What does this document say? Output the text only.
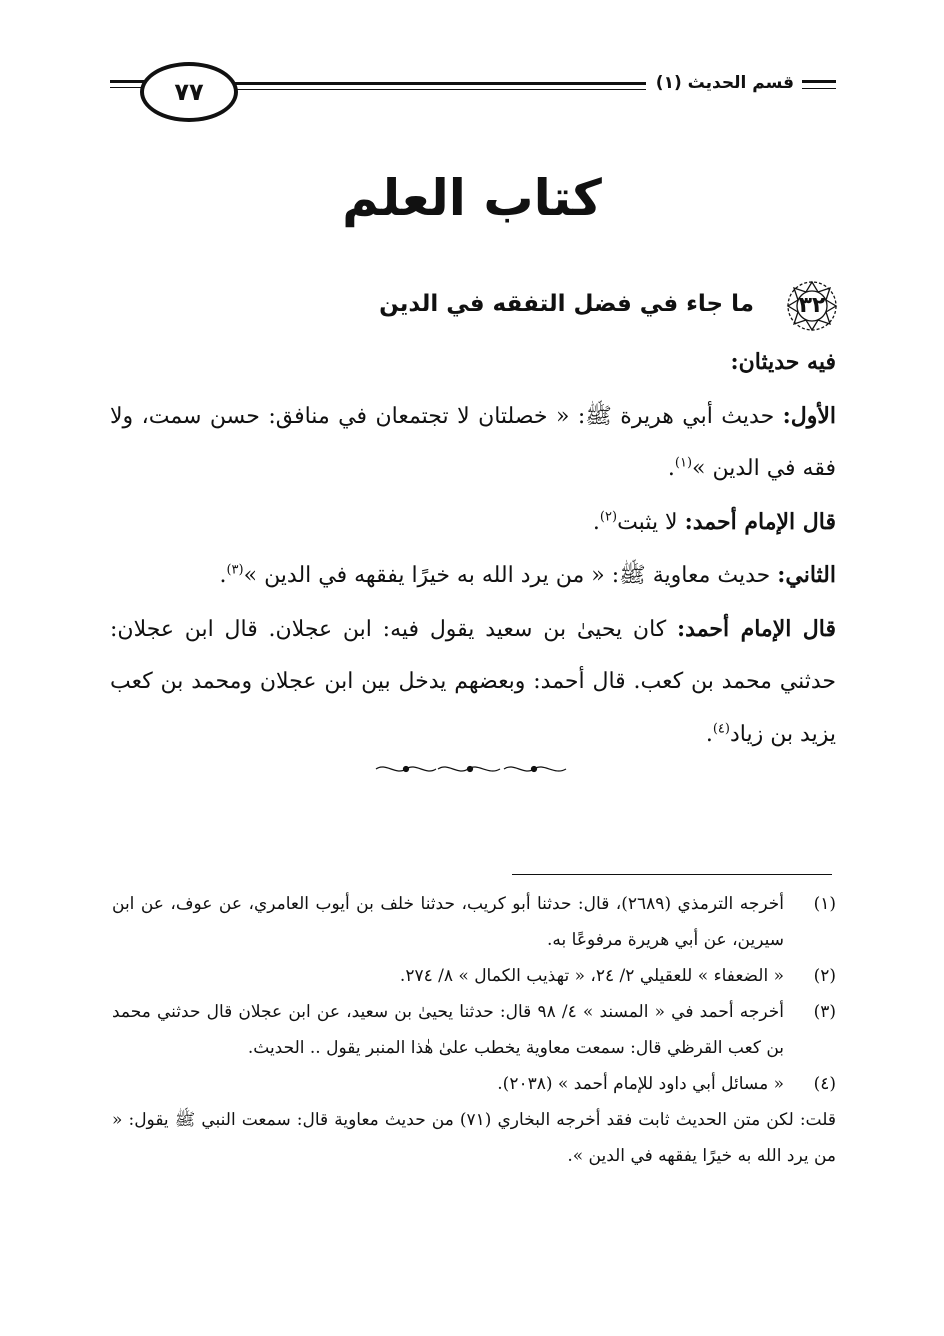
٧٧	قسم الحديث (١)
كتاب العلم
٣٢
ما جاء في فضل التفقه في الدين

فيه حديثان:

الأول: حديث أبي هريرة ﷺ: « خصلتان لا تجتمعان في منافق: حسن سمت، ولا فقه في الدين »$^{(١)}$.

قال الإمام أحمد: لا يثبت$^{(٢)}$.

الثاني: حديث معاوية ﷺ: « من يرد الله به خيرًا يفقهه في الدين »$^{(٣)}$.

قال الإمام أحمد: كان يحيىٰ بن سعيد يقول فيه: ابن عجلان. قال ابن عجلان: حدثني محمد بن كعب. قال أحمد: وبعضهم يدخل بين ابن عجلان ومحمد بن كعب يزيد بن زياد$^{(٤)}$.

(١)
أخرجه الترمذي (٢٦٨٩)، قال: حدثنا أبو كريب، حدثنا خلف بن أيوب العامري، عن عوف، عن ابن سيرين، عن أبي هريرة مرفوعًا به.
(٢)
« الضعفاء » للعقيلي ٢/ ٢٤، « تهذيب الكمال » ٨/ ٢٧٤.
(٣)
أخرجه أحمد في « المسند » ٤/ ٩٨ قال: حدثنا يحيىٰ بن سعيد، عن ابن عجلان قال حدثني محمد بن كعب القرظي قال: سمعت معاوية يخطب علىٰ هٰذا المنبر يقول .. الحديث.
(٤)
« مسائل أبي داود للإمام أحمد » (٢٠٣٨).
قلت: لكن متن الحديث ثابت فقد أخرجه البخاري (٧١) من حديث معاوية قال: سمعت النبي ﷺ يقول: « من يرد الله به خيرًا يفقهه في الدين ».
